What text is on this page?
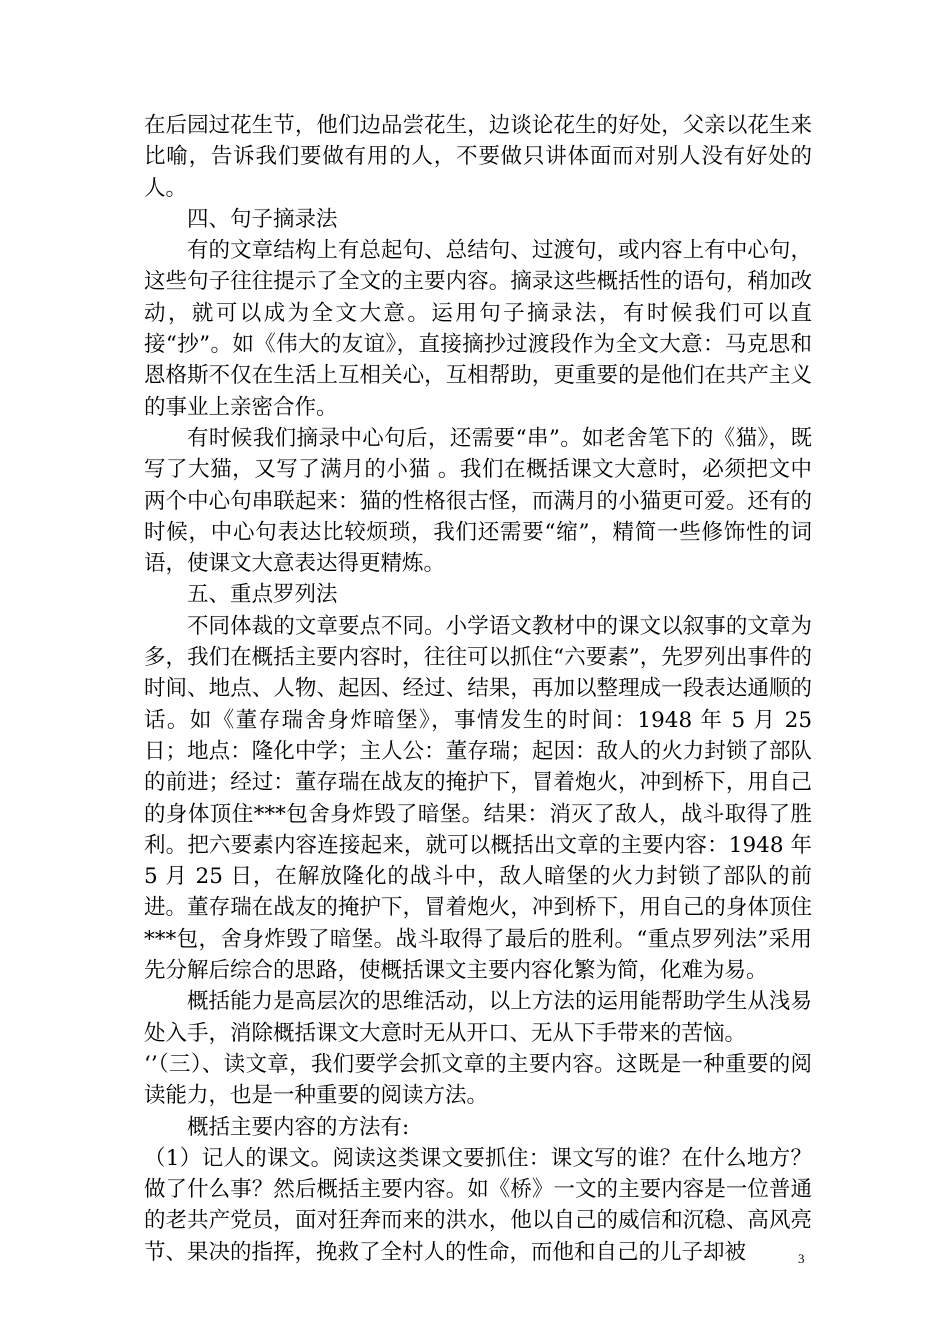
在后园过花生节，他们边品尝花生，边谈论花生的好处，父亲以花生来比喻，告诉我们要做有用的人，不要做只讲体面而对别人没有好处的人。

四、句子摘录法

有的文章结构上有总起句、总结句、过渡句，或内容上有中心句，这些句子往往提示了全文的主要内容。摘录这些概括性的语句，稍加改动，就可以成为全文大意。运用句子摘录法，有时候我们可以直接“抄”。如《伟大的友谊》，直接摘抄过渡段作为全文大意：马克思和恩格斯不仅在生活上互相关心，互相帮助，更重要的是他们在共产主义的事业上亲密合作。

有时候我们摘录中心句后，还需要“串”。如老舍笔下的《猫》，既写了大猫，又写了满月的小猫 。我们在概括课文大意时，必须把文中两个中心句串联起来：猫的性格很古怪，而满月的小猫更可爱。还有的时候，中心句表达比较烦琐，我们还需要“缩”，精简一些修饰性的词语，使课文大意表达得更精炼。

五、重点罗列法

不同体裁的文章要点不同。小学语文教材中的课文以叙事的文章为多，我们在概括主要内容时，往往可以抓住“六要素”，先罗列出事件的时间、地点、人物、起因、经过、结果，再加以整理成一段表达通顺的话。如《董存瑞舍身炸暗堡》，事情发生的时间：1948 年 5 月 25 日；地点：隆化中学；主人公：董存瑞；起因：敌人的火力封锁了部队的前进；经过：董存瑞在战友的掩护下，冒着炮火，冲到桥下，用自己的身体顶住***包舍身炸毁了暗堡。结果：消灭了敌人，战斗取得了胜利。把六要素内容连接起来，就可以概括出文章的主要内容：1948 年 5 月 25 日，在解放隆化的战斗中，敌人暗堡的火力封锁了部队的前进。董存瑞在战友的掩护下，冒着炮火，冲到桥下，用自己的身体顶住***包，舍身炸毁了暗堡。战斗取得了最后的胜利。“重点罗列法”采用先分解后综合的思路，使概括课文主要内容化繁为简，化难为易。

概括能力是高层次的思维活动，以上方法的运用能帮助学生从浅易处入手，消除概括课文大意时无从开口、无从下手带来的苦恼。

‘’（三）、读文章，我们要学会抓文章的主要内容。这既是一种重要的阅读能力，也是一种重要的阅读方法。

概括主要内容的方法有:

（1）记人的课文。阅读这类课文要抓住：课文写的谁？在什么地方？做了什么事？然后概括主要内容。如《桥》一文的主要内容是一位普通的老共产党员，面对狂奔而来的洪水，他以自己的威信和沉稳、高风亮节、果决的指挥，挽救了全村人的性命，而他和自己的儿子却被	3
